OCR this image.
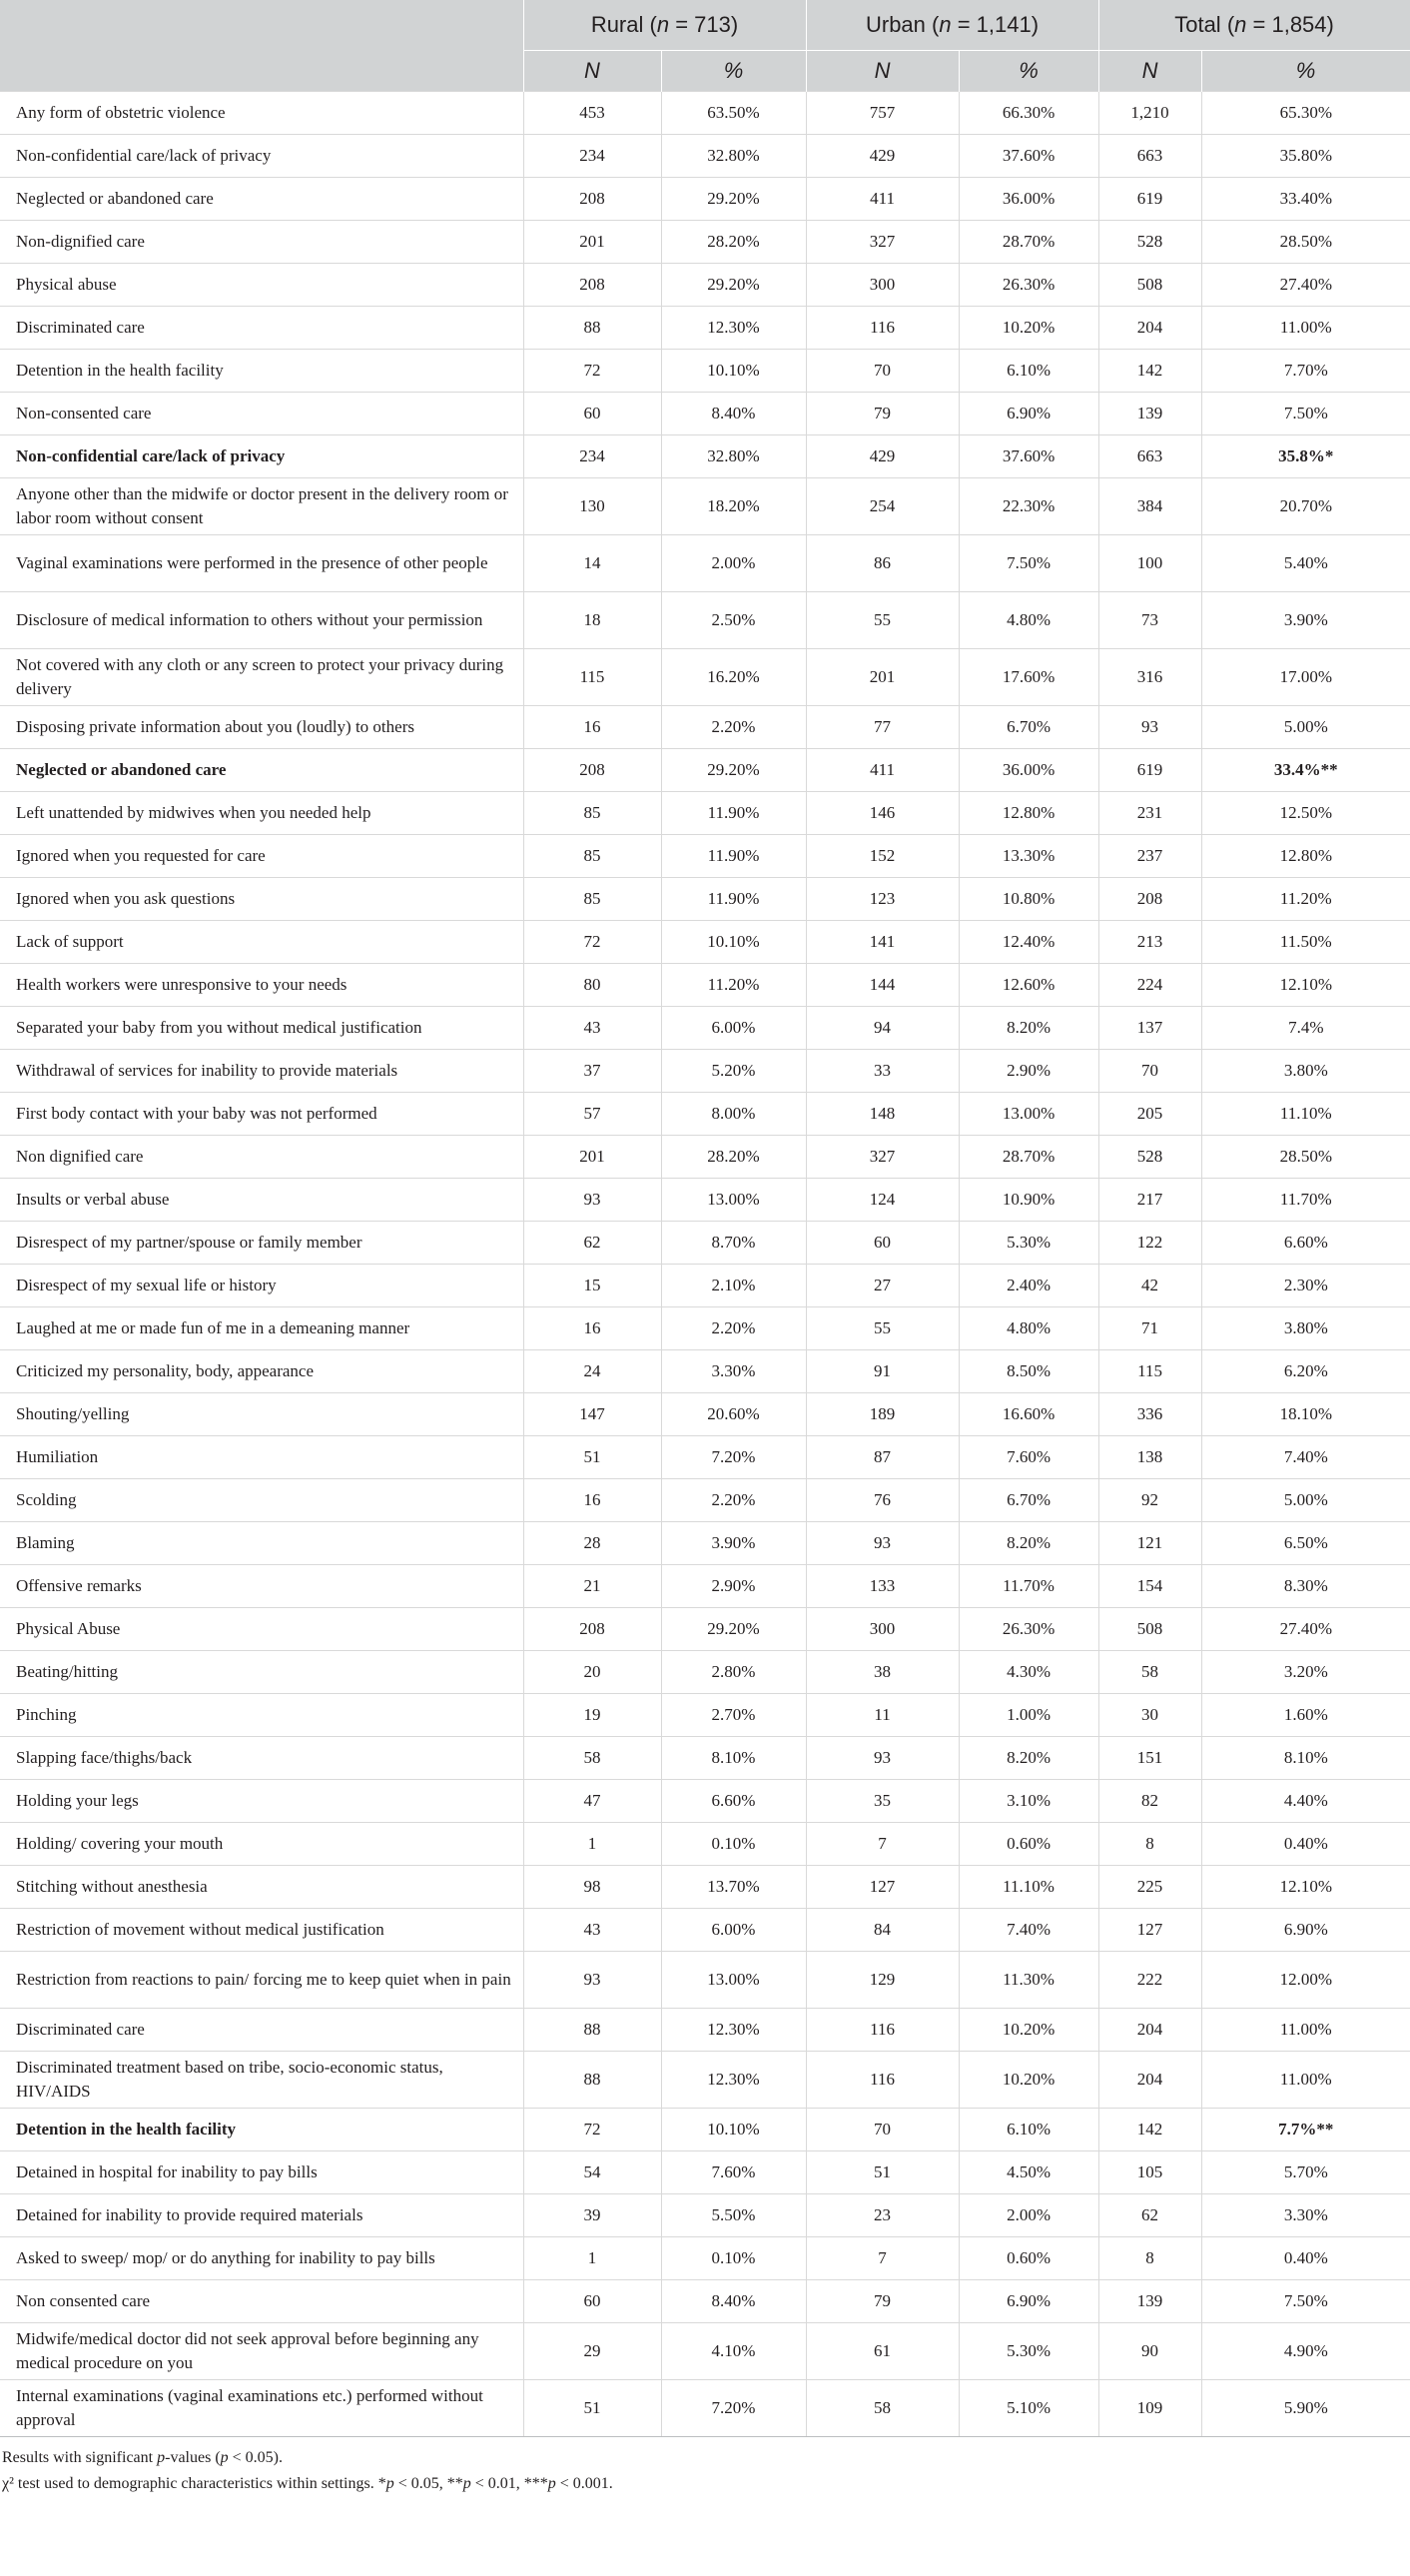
	Rural (n = 713)		Urban (n = 1,141)		Total (n = 1,854)	
	N	%	N	%	N	%
Any form of obstetric violence	453	63.50%	757	66.30%	1,210	65.30%
Non-confidential care/lack of privacy	234	32.80%	429	37.60%	663	35.80%
Neglected or abandoned care	208	29.20%	411	36.00%	619	33.40%
Non-dignified care	201	28.20%	327	28.70%	528	28.50%
Physical abuse	208	29.20%	300	26.30%	508	27.40%
Discriminated care	88	12.30%	116	10.20%	204	11.00%
Detention in the health facility	72	10.10%	70	6.10%	142	7.70%
Non-consented care	60	8.40%	79	6.90%	139	7.50%
Non-confidential care/lack of privacy	234	32.80%	429	37.60%	663	35.8%*
Anyone other than the midwife or doctor present in the delivery room or labor room without consent	130	18.20%	254	22.30%	384	20.70%
Vaginal examinations were performed in the presence of other people	14	2.00%	86	7.50%	100	5.40%
Disclosure of medical information to others without your permission	18	2.50%	55	4.80%	73	3.90%
Not covered with any cloth or any screen to protect your privacy during delivery	115	16.20%	201	17.60%	316	17.00%
Disposing private information about you (loudly) to others	16	2.20%	77	6.70%	93	5.00%
Neglected or abandoned care	208	29.20%	411	36.00%	619	33.4%**
Left unattended by midwives when you needed help	85	11.90%	146	12.80%	231	12.50%
Ignored when you requested for care	85	11.90%	152	13.30%	237	12.80%
Ignored when you ask questions	85	11.90%	123	10.80%	208	11.20%
Lack of support	72	10.10%	141	12.40%	213	11.50%
Health workers were unresponsive to your needs	80	11.20%	144	12.60%	224	12.10%
Separated your baby from you without medical justification	43	6.00%	94	8.20%	137	7.4%
Withdrawal of services for inability to provide materials	37	5.20%	33	2.90%	70	3.80%
First body contact with your baby was not performed	57	8.00%	148	13.00%	205	11.10%
Non dignified care	201	28.20%	327	28.70%	528	28.50%
Insults or verbal abuse	93	13.00%	124	10.90%	217	11.70%
Disrespect of my partner/spouse or family member	62	8.70%	60	5.30%	122	6.60%
Disrespect of my sexual life or history	15	2.10%	27	2.40%	42	2.30%
Laughed at me or made fun of me in a demeaning manner	16	2.20%	55	4.80%	71	3.80%
Criticized my personality, body, appearance	24	3.30%	91	8.50%	115	6.20%
Shouting/yelling	147	20.60%	189	16.60%	336	18.10%
Humiliation	51	7.20%	87	7.60%	138	7.40%
Scolding	16	2.20%	76	6.70%	92	5.00%
Blaming	28	3.90%	93	8.20%	121	6.50%
Offensive remarks	21	2.90%	133	11.70%	154	8.30%
Physical Abuse	208	29.20%	300	26.30%	508	27.40%
Beating/hitting	20	2.80%	38	4.30%	58	3.20%
Pinching	19	2.70%	11	1.00%	30	1.60%
Slapping face/thighs/back	58	8.10%	93	8.20%	151	8.10%
Holding your legs	47	6.60%	35	3.10%	82	4.40%
Holding/ covering your mouth	1	0.10%	7	0.60%	8	0.40%
Stitching without anesthesia	98	13.70%	127	11.10%	225	12.10%
Restriction of movement without medical justification	43	6.00%	84	7.40%	127	6.90%
Restriction from reactions to pain/ forcing me to keep quiet when in pain	93	13.00%	129	11.30%	222	12.00%
Discriminated care	88	12.30%	116	10.20%	204	11.00%
Discriminated treatment based on tribe, socio-economic status, HIV/AIDS	88	12.30%	116	10.20%	204	11.00%
Detention in the health facility	72	10.10%	70	6.10%	142	7.7%**
Detained in hospital for inability to pay bills	54	7.60%	51	4.50%	105	5.70%
Detained for inability to provide required materials	39	5.50%	23	2.00%	62	3.30%
Asked to sweep/ mop/ or do anything for inability to pay bills	1	0.10%	7	0.60%	8	0.40%
Non consented care	60	8.40%	79	6.90%	139	7.50%
Midwife/medical doctor did not seek approval before beginning any medical procedure on you	29	4.10%	61	5.30%	90	4.90%
Internal examinations (vaginal examinations etc.) performed without approval	51	7.20%	58	5.10%	109	5.90%
Results with significant p-values (p < 0.05).
χ² test used to demographic characteristics within settings. *p < 0.05, **p < 0.01, ***p < 0.001.
